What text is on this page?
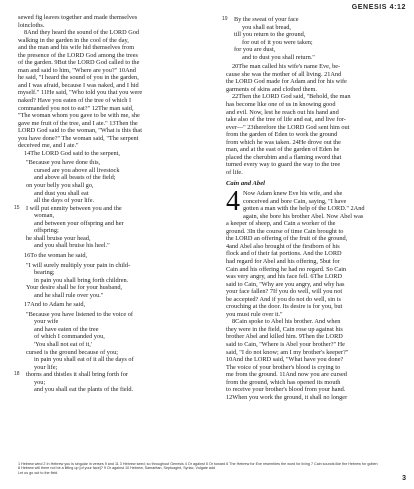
GENESIS 4:12
sewed fig leaves together and made themselves
loincloths.
8And they heard the sound of the LORD God
walking in the garden in the cool of the day,
and the man and his wife hid themselves from
the presence of the LORD God among the trees
of the garden. 9But the LORD God called to the
man and said to him, "Where are you?" 10And
he said, "I heard the sound of you in the garden,
and I was afraid, because I was naked, and I hid
myself." 11He said, "Who told you that you were
naked? Have you eaten of the tree of which I
commanded you not to eat?" 12The man said,
"The woman whom you gave to be with me, she
gave me fruit of the tree, and I ate." 13Then the
LORD God said to the woman, "What is this that
you have done?" The woman said, "The serpent
deceived me, and I ate."
14The LORD God said to the serpent,
"Because you have done this,
cursed are you above all livestock
and above all beasts of the field;
on your belly you shall go,
and dust you shall eat
all the days of your life.
15 I will put enmity between you and the
woman,
and between your offspring and her
offspring;
he shall bruise your head,
and you shall bruise his heel."
16To the woman he said,
"I will surely multiply your pain in child-
bearing;
in pain you shall bring forth children.
Your desire shall be for your husband,
and he shall rule over you."
17And to Adam he said,
"Because you have listened to the voice of
your wife
and have eaten of the tree
of which I commanded you,
'You shall not eat of it,'
cursed is the ground because of you;
in pain you shall eat of it all the days of
your life;
18 thorns and thistles it shall bring forth for
you;
and you shall eat the plants of the field.
19 By the sweat of your face
you shall eat bread,
till you return to the ground,
for out of it you were taken;
for you are dust,
and to dust you shall return."
20The man called his wife's name Eve, be-
cause she was the mother of all living. 21And
the LORD God made for Adam and for his wife
garments of skins and clothed them.
22Then the LORD God said, "Behold, the man
has become like one of us in knowing good
and evil. Now, lest he reach out his hand and
take also of the tree of life and eat, and live for-
ever—" 23therefore the LORD God sent him out
from the garden of Eden to work the ground
from which he was taken. 24He drove out the
man, and at the east of the garden of Eden he
placed the cherubim and a flaming sword that
turned every way to guard the way to the tree
of life.
Cain and Abel
4 Now Adam knew Eve his wife, and she
conceived and bore Cain, saying, "I have
gotten a man with the help of the LORD." 2And
again, she bore his brother Abel. Now Abel was
a keeper of sheep, and Cain a worker of the
ground. 3In the course of time Cain brought to
the LORD an offering of the fruit of the ground,
4and Abel also brought of the firstborn of his
flock and of their fat portions. And the LORD
had regard for Abel and his offering, 5but for
Cain and his offering he had no regard. So Cain
was very angry, and his face fell. 6The LORD
said to Cain, "Why are you angry, and why has
your face fallen? 7If you do well, will you not
be accepted? And if you do not do well, sin is
crouching at the door. Its desire is for you, but
you must rule over it."
8Cain spoke to Abel his brother. And when
they were in the field, Cain rose up against his
brother Abel and killed him. 9Then the LORD
said to Cain, "Where is Abel your brother?" He
said, "I do not know; am I my brother's keeper?"
10And the LORD said, "What have you done?
The voice of your brother's blood is crying to
me from the ground. 11And now you are cursed
from the ground, which has opened its mouth
to receive your brother's blood from your hand.
12When you work the ground, it shall no longer
1 Hebrew wind 2 In Hebrew you is singular in verses 9 and 11 3 Hebrew seed; so throughout Genesis 4 Or against 5 Or toward 6 The Hebrew for Eve resembles the word for living 7 Cain sounds like the Hebrew for gotten 8 Hebrew will there not be a lifting up [of your face]? 9 Or against 10 Hebrew, Samaritan, Septuagint, Syriac, Vulgate add
Let us go out to the field
3
